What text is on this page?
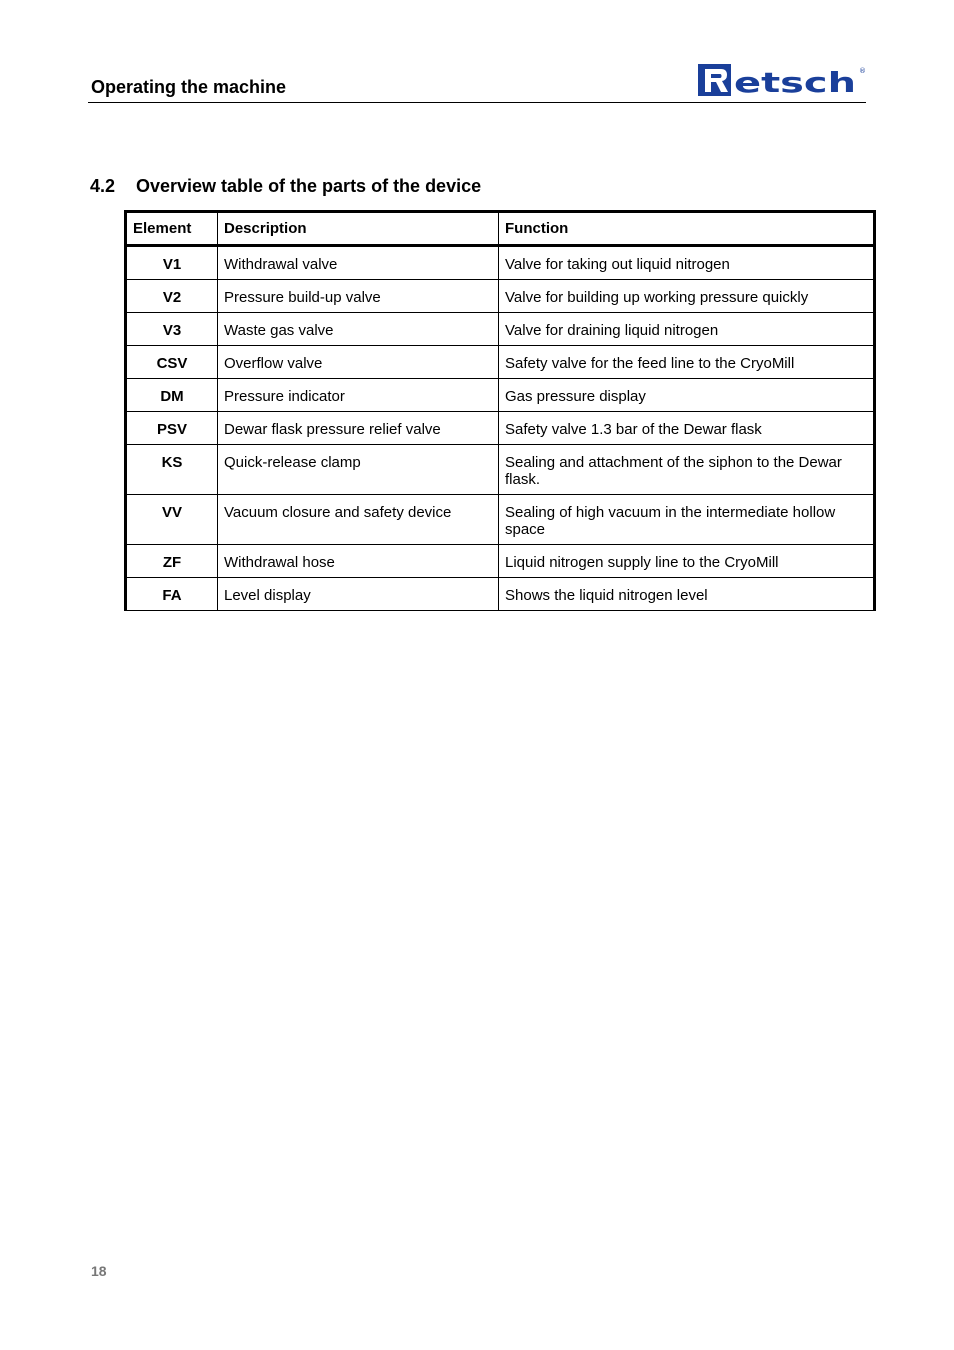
Operating the machine	etsch ®
4.2 Overview table of the parts of the device
Element	Description	Function
V1	Withdrawal valve	Valve for taking out liquid nitrogen
V2	Pressure build-up valve	Valve for building up working pressure quickly
V3	Waste gas valve	Valve for draining liquid nitrogen
CSV	Overflow valve	Safety valve for the feed line to the CryoMill
DM	Pressure indicator	Gas pressure display
PSV	Dewar flask pressure relief valve	Safety valve 1.3 bar of the Dewar flask
KS	Quick-release clamp	Sealing and attachment of the siphon to the Dewar flask.
VV	Vacuum closure and safety device	Sealing of high vacuum in the intermediate hollow space
ZF	Withdrawal hose	Liquid nitrogen supply line to the CryoMill
FA	Level display	Shows the liquid nitrogen level
18
